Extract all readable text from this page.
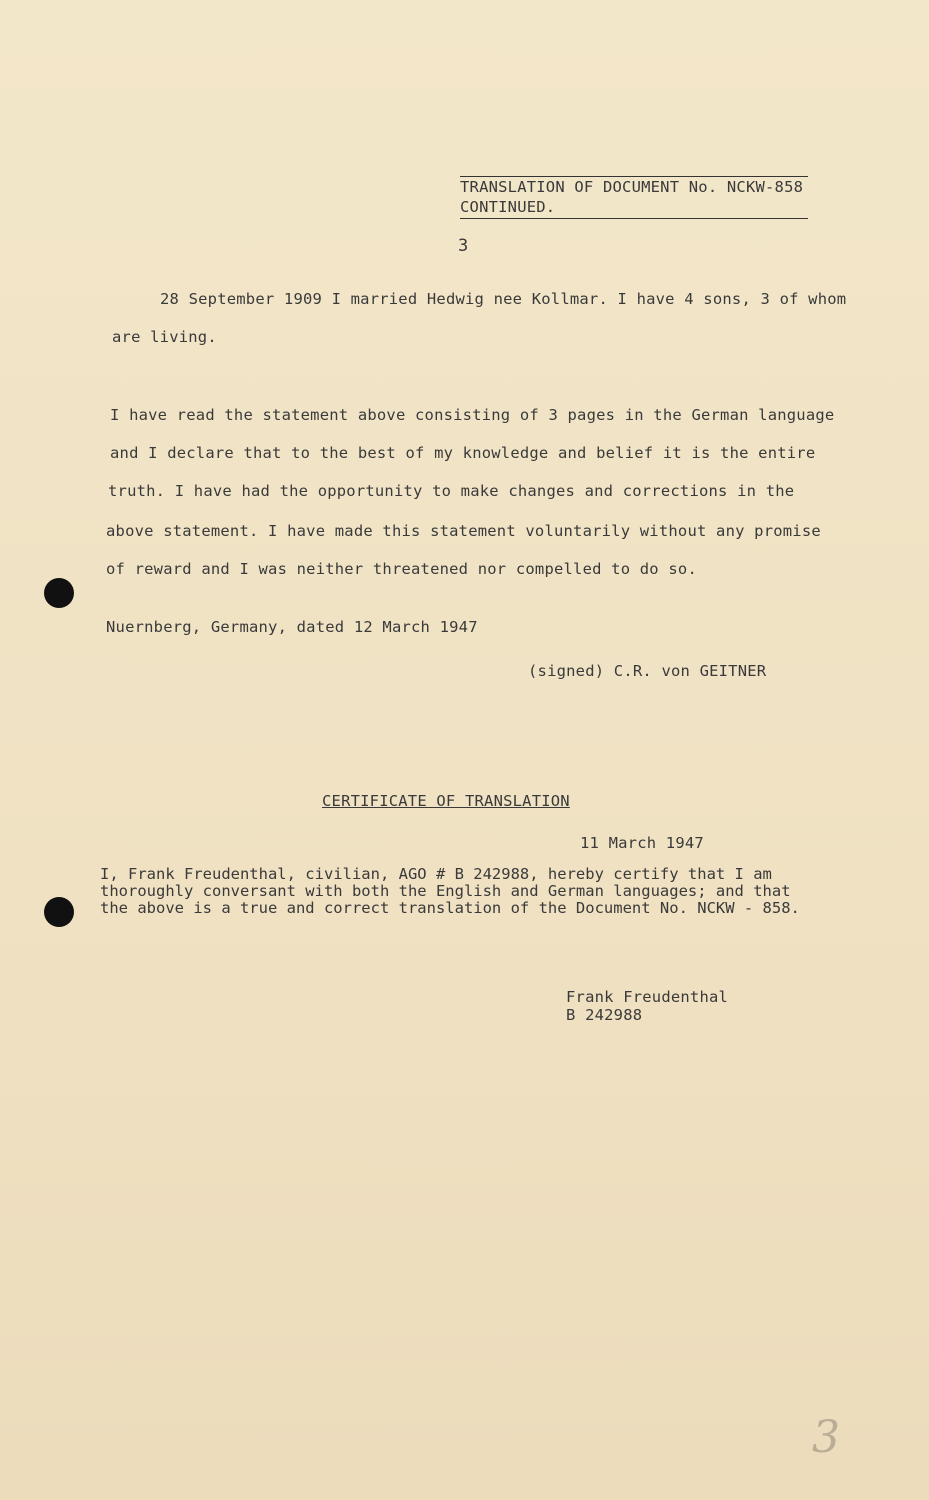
TRANSLATION OF DOCUMENT No. NCKW-858
CONTINUED.
3
28 September 1909 I married Hedwig nee Kollmar. I have 4 sons, 3 of whom
are living.
I have read the statement above consisting of 3 pages in the German language
and I declare that to the best of my knowledge and belief it is the entire
truth. I have had the opportunity to make changes and corrections in the
above statement. I have made this statement voluntarily without any promise
of reward and I was neither threatened nor compelled to do so.
Nuernberg, Germany, dated 12 March 1947
(signed) C.R. von GEITNER
CERTIFICATE OF TRANSLATION
11 March 1947
I, Frank Freudenthal, civilian, AGO # B 242988, hereby certify that I am
thoroughly conversant with both the English and German languages; and that
the above is a true and correct translation of the Document No. NCKW - 858.
Frank Freudenthal
B 242988
3
